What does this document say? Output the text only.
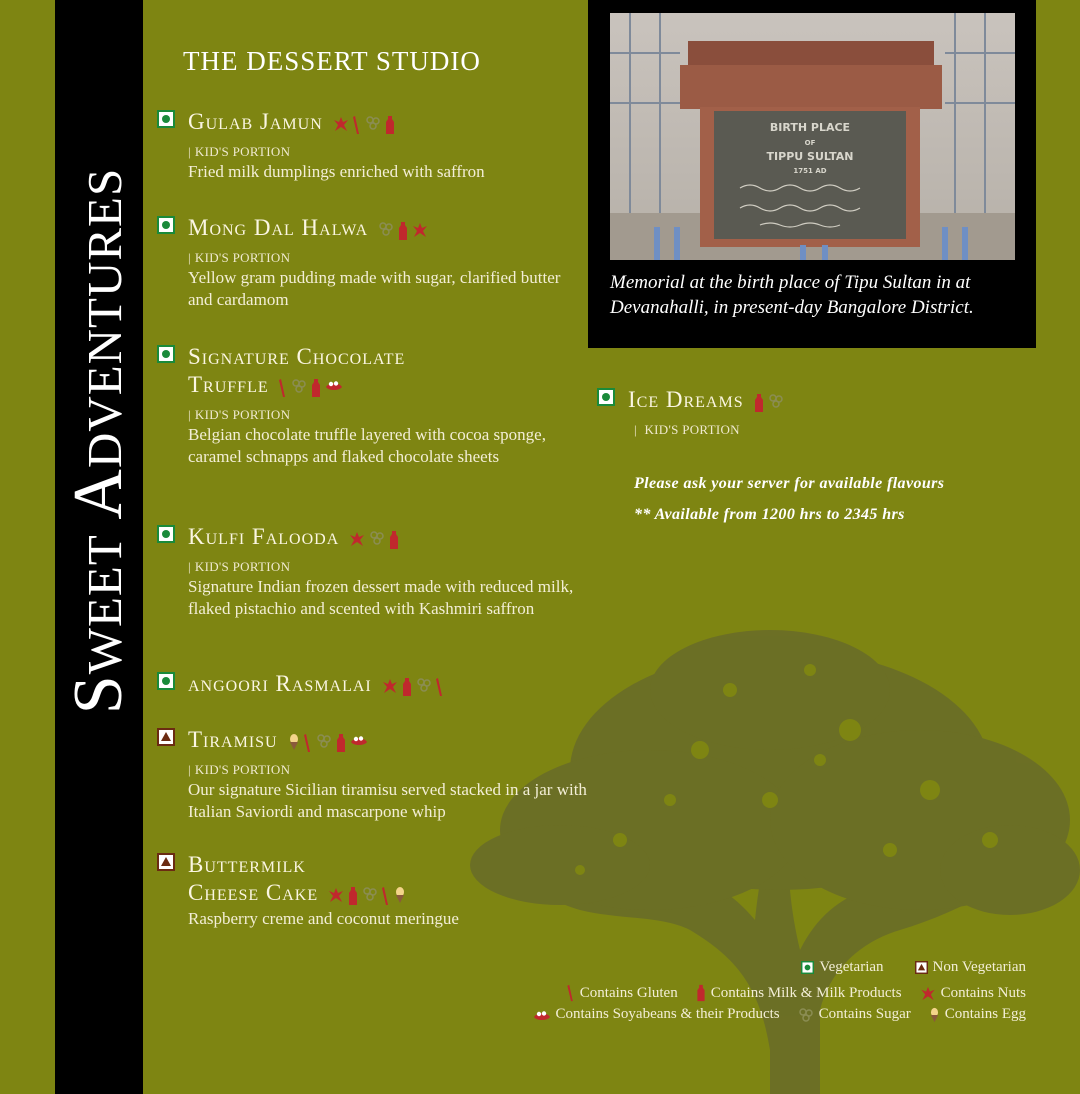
Sweet Adventures
THE DESSERT STUDIO
Gulab Jamun
| KID'S PORTION
Fried milk dumplings enriched with saffron
Mong Dal Halwa
| KID'S PORTION
Yellow gram pudding made with sugar, clarified butter and cardamom
Signature Chocolate
Truffle
| KID'S PORTION
Belgian chocolate truffle layered with cocoa sponge, caramel schnapps and flaked chocolate sheets
Kulfi Falooda
| KID'S PORTION
Signature Indian frozen dessert made with reduced milk, flaked pistachio and scented with Kashmiri saffron
angoori Rasmalai
Tiramisu
| KID'S PORTION
Our signature Sicilian tiramisu served stacked in a jar with Italian Saviordi and mascarpone whip
Buttermilk
Cheese Cake
Raspberry creme and coconut meringue
BIRTH PLACE
OF
TIPPU SULTAN
1751 AD
Memorial at the birth place of Tipu Sultan in at Devanahalli, in present-day Bangalore District.
Ice Dreams
| KID'S PORTION
Please ask your server for available flavours
** Available from 1200 hrs to 2345 hrs
Vegetarian	Non Vegetarian
Contains Gluten Contains Milk & Milk Products	Contains Nuts
Contains Soyabeans & their Products	Contains Sugar Contains Egg
